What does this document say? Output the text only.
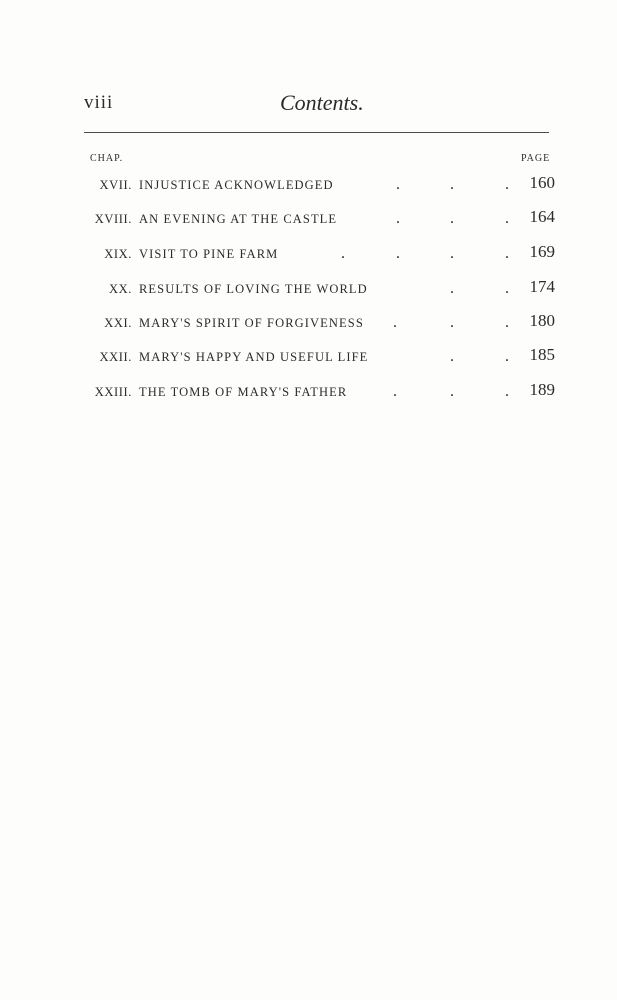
viii	Contents.
CHAP.	PAGE
XVII. INJUSTICE ACKNOWLEDGED	.	.	. 160
XVIII. AN EVENING AT THE CASTLE	.	.	. 164
XIX. VISIT TO PINE FARM	.	.	.	. 169
XX. RESULTS OF LOVING THE WORLD	.	. 174
XXI. MARY'S SPIRIT OF FORGIVENESS .	.	. 180
XXII. MARY'S HAPPY AND USEFUL LIFE	.	. 185
XXIII. THE TOMB OF MARY'S FATHER	.	.	. 189
